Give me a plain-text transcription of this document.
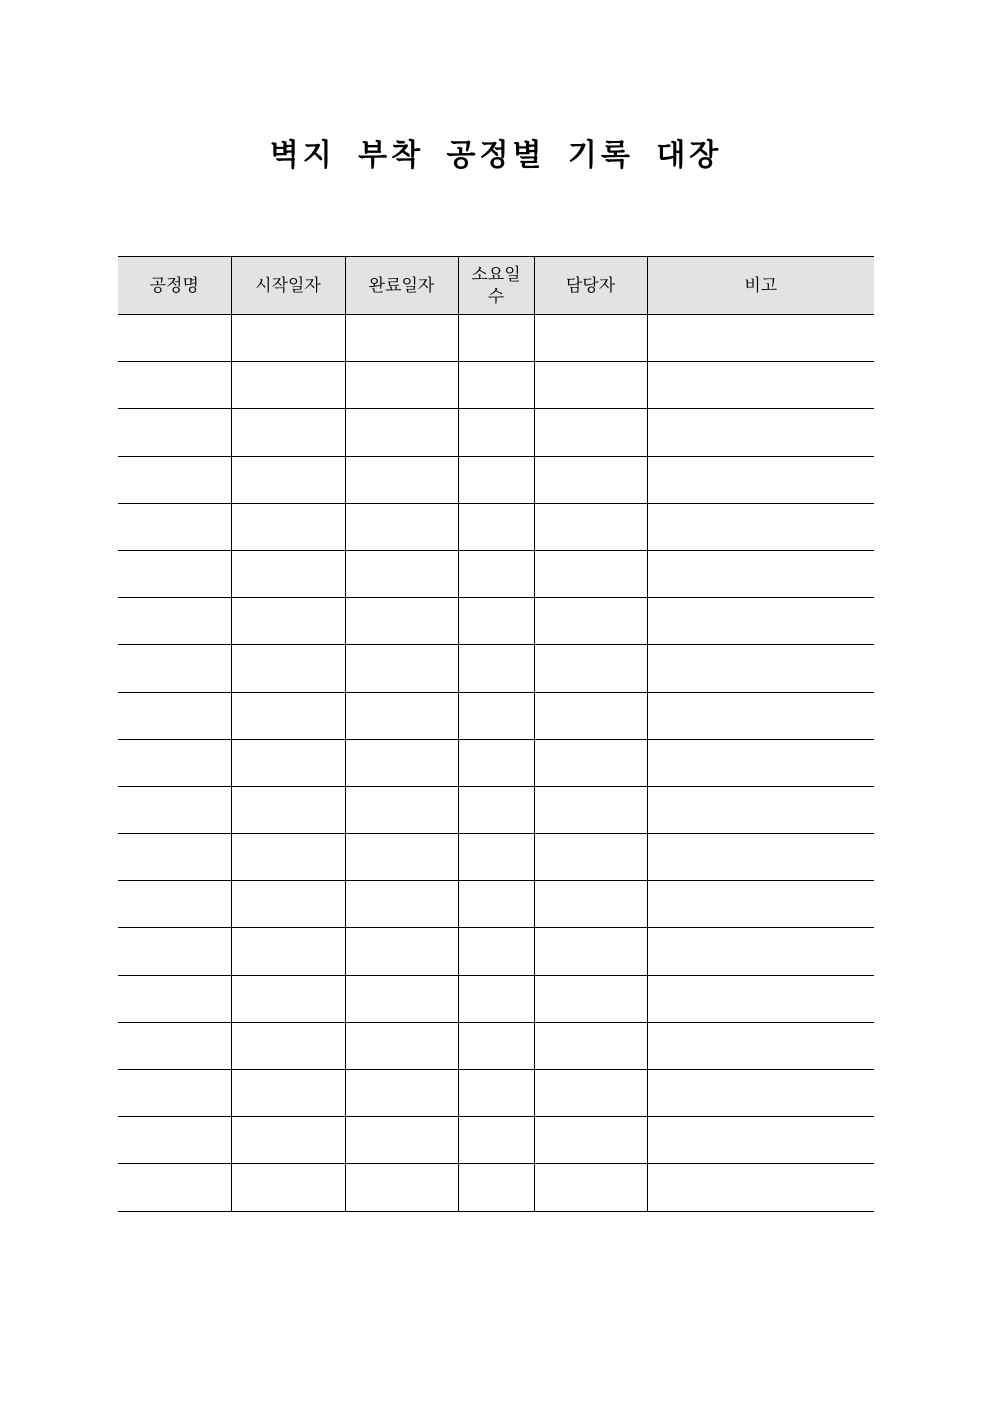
벽지 부착 공정별 기록 대장
공정명	시작일자	완료일자	소요일수	담당자	비고
